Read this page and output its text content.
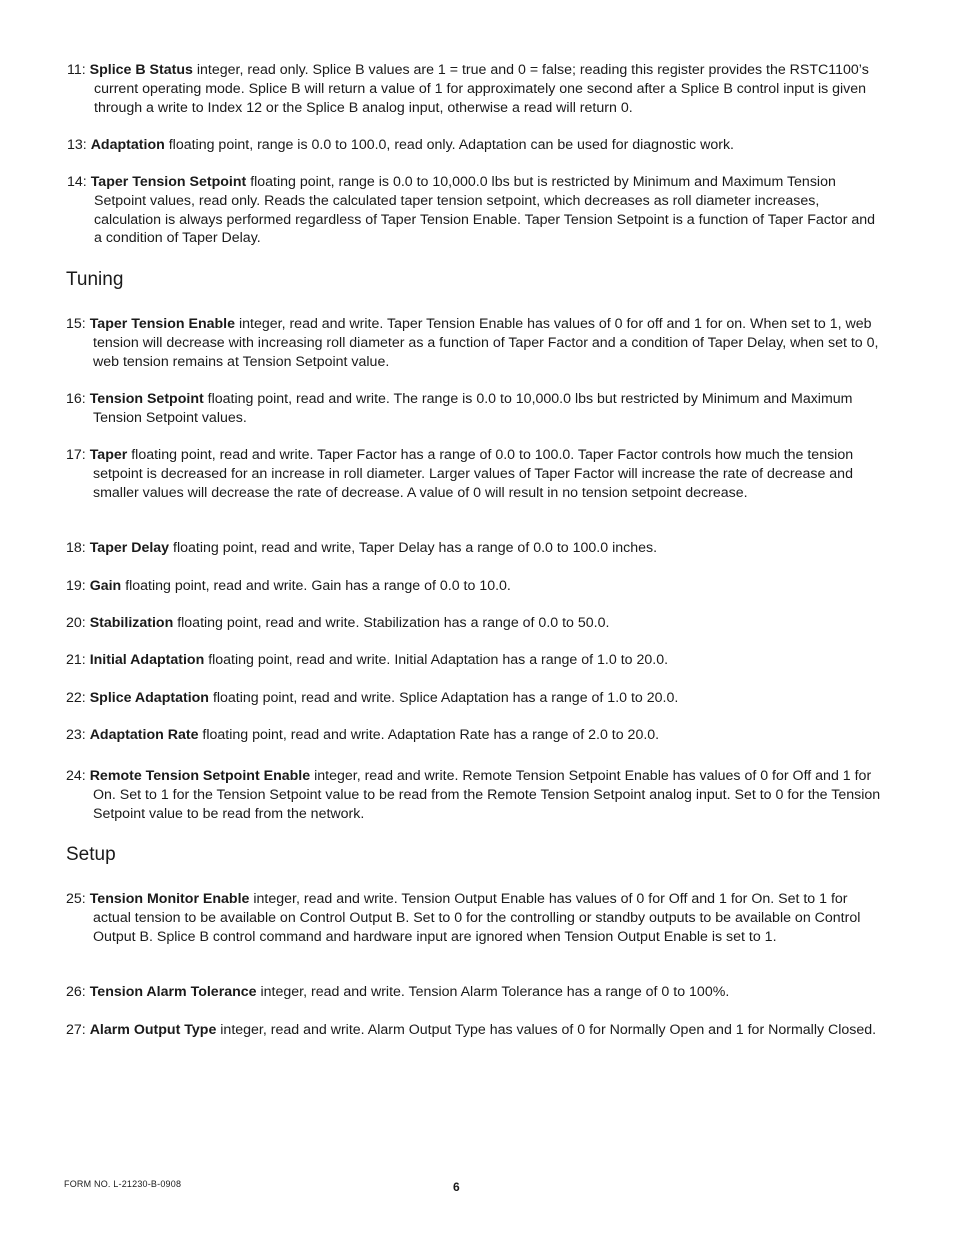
11: Splice B Status integer, read only. Splice B values are 1 = true and 0 = false; reading this register provides the RSTC1100’s current operating mode. Splice B will return a value of 1 for approximately one second after a Splice B control input is given through a write to Index 12 or the Splice B analog input, otherwise a read will return 0.
13: Adaptation floating point, range is 0.0 to 100.0, read only. Adaptation can be used for diagnostic work.
14: Taper Tension Setpoint floating point, range is 0.0 to 10,000.0 lbs but is restricted by Minimum and Maximum Tension Setpoint values, read only. Reads the calculated taper tension setpoint, which decreases as roll diameter increases, calculation is always performed regardless of Taper Tension Enable. Taper Tension Setpoint is a function of Taper Factor and a condition of Taper Delay.
Tuning
15: Taper Tension Enable integer, read and write. Taper Tension Enable has values of 0 for off and 1 for on. When set to 1, web tension will decrease with increasing roll diameter as a function of Taper Factor and a condition of Taper Delay, when set to 0, web tension remains at Tension Setpoint value.
16: Tension Setpoint floating point, read and write. The range is 0.0 to 10,000.0 lbs but restricted by Minimum and Maximum Tension Setpoint values.
17: Taper floating point, read and write. Taper Factor has a range of 0.0 to 100.0. Taper Factor controls how much the tension setpoint is decreased for an increase in roll diameter. Larger values of Taper Factor will increase the rate of decrease and smaller values will decrease the rate of decrease. A value of 0 will result in no tension setpoint decrease.
18: Taper Delay floating point, read and write, Taper Delay has a range of 0.0 to 100.0 inches.
19: Gain floating point, read and write. Gain has a range of 0.0 to 10.0.
20: Stabilization floating point, read and write. Stabilization has a range of 0.0 to 50.0.
21: Initial Adaptation floating point, read and write. Initial Adaptation has a range of 1.0 to 20.0.
22: Splice Adaptation floating point, read and write. Splice Adaptation has a range of 1.0 to 20.0.
23: Adaptation Rate floating point, read and write. Adaptation Rate has a range of 2.0 to 20.0.
24: Remote Tension Setpoint Enable integer, read and write. Remote Tension Setpoint Enable has values of 0 for Off and 1 for On. Set to 1 for the Tension Setpoint value to be read from the Remote Tension Setpoint analog input. Set to 0 for the Tension Setpoint value to be read from the network.
Setup
25: Tension Monitor Enable integer, read and write. Tension Output Enable has values of 0 for Off and 1 for On. Set to 1 for actual tension to be available on Control Output B. Set to 0 for the controlling or standby outputs to be available on Control Output B. Splice B control command and hardware input are ignored when Tension Output Enable is set to 1.
26: Tension Alarm Tolerance integer, read and write. Tension Alarm Tolerance has a range of 0 to 100%.
27: Alarm Output Type integer, read and write. Alarm Output Type has values of 0 for Normally Open and 1 for Normally Closed.
FORM NO. L-21230-B-0908	6
